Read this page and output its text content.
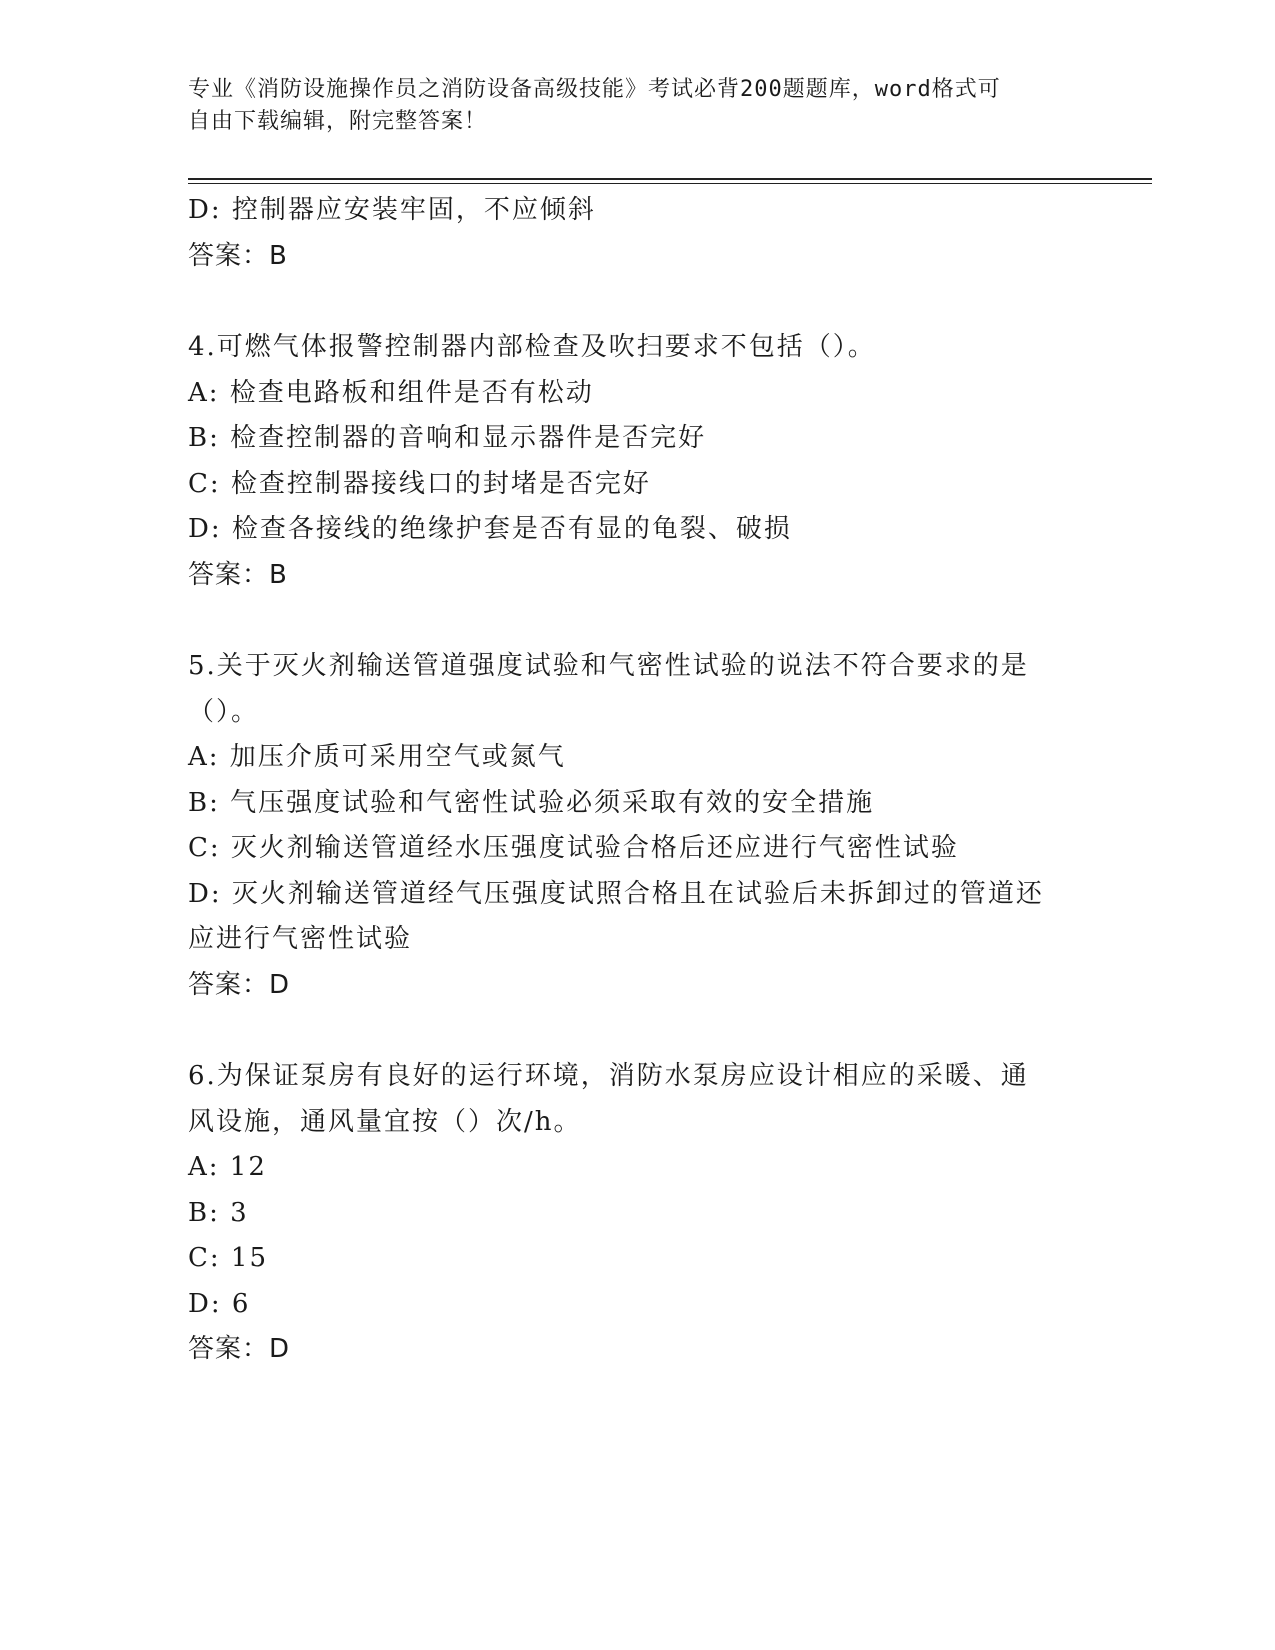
专业《消防设施操作员之消防设备高级技能》考试必背200题题库，word格式可
自由下载编辑，附完整答案！
D: 控制器应安装牢固，不应倾斜
答案：B
4.可燃气体报警控制器内部检查及吹扫要求不包括（）。
A: 检查电路板和组件是否有松动
B: 检查控制器的音响和显示器件是否完好
C: 检查控制器接线口的封堵是否完好
D: 检查各接线的绝缘护套是否有显的龟裂、破损
答案：B
5.关于灭火剂输送管道强度试验和气密性试验的说法不符合要求的是
（）。
A: 加压介质可采用空气或氮气
B: 气压强度试验和气密性试验必须采取有效的安全措施
C: 灭火剂输送管道经水压强度试验合格后还应进行气密性试验
D: 灭火剂输送管道经气压强度试照合格且在试验后未拆卸过的管道还
应进行气密性试验
答案：D
6.为保证泵房有良好的运行环境，消防水泵房应设计相应的采暖、通
风设施，通风量宜按（）次/h。
A: 12
B: 3
C: 15
D: 6
答案：D
